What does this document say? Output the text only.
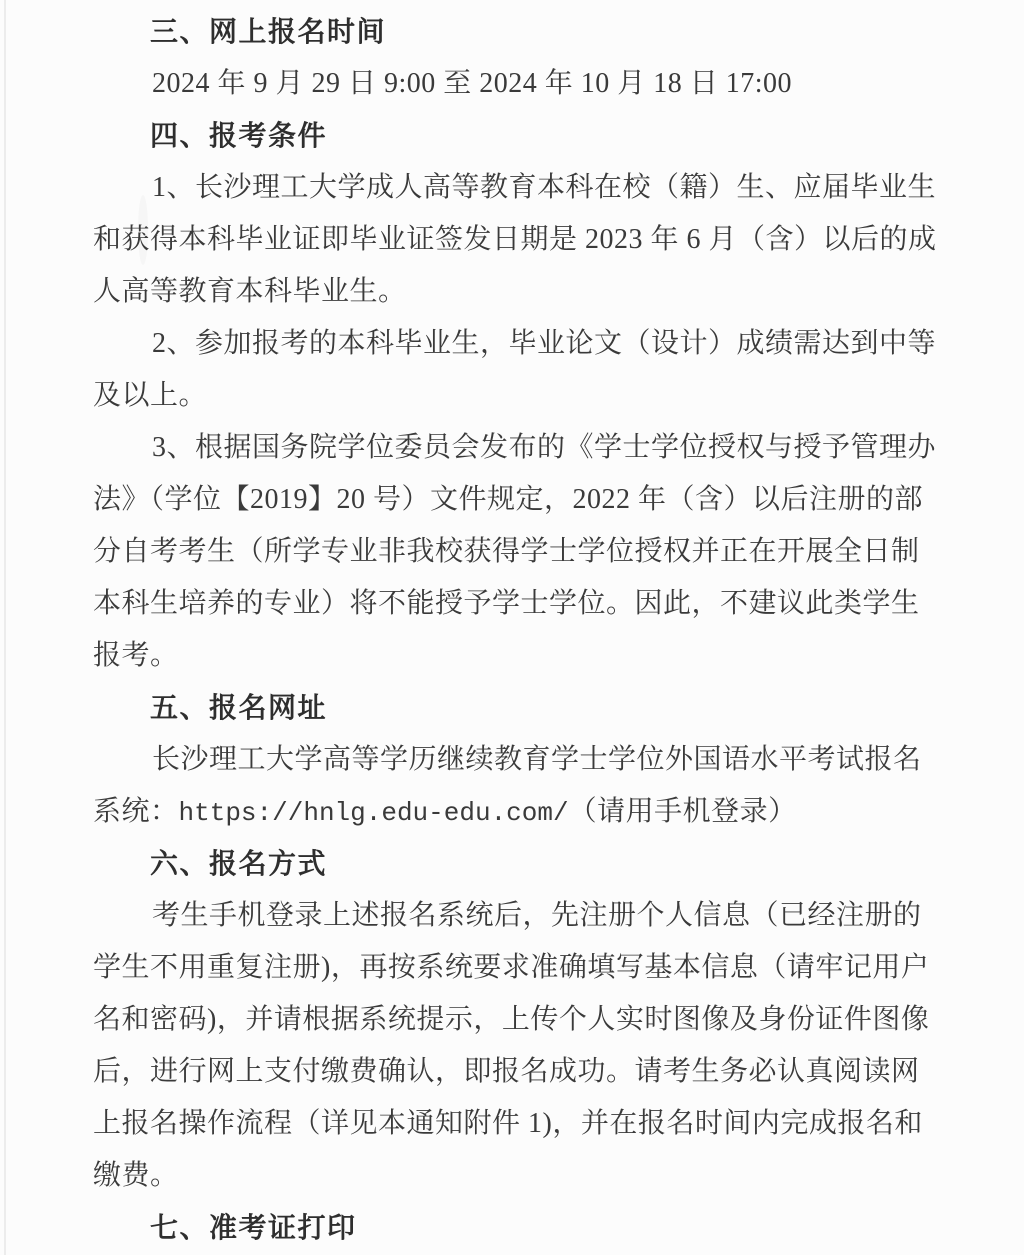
三、网上报名时间
2024 年 9 月 29 日 9:00 至 2024 年 10 月 18 日 17:00
四、报考条件
1、长沙理工大学成人高等教育本科在校（籍）生、应届毕业生
和获得本科毕业证即毕业证签发日期是 2023 年 6 月（含）以后的成
人高等教育本科毕业生。
2、参加报考的本科毕业生，毕业论文（设计）成绩需达到中等
及以上。
3、根据国务院学位委员会发布的《学士学位授权与授予管理办
法》（学位【2019】20 号）文件规定，2022 年（含）以后注册的部
分自考考生（所学专业非我校获得学士学位授权并正在开展全日制
本科生培养的专业）将不能授予学士学位。因此，不建议此类学生
报考。
五、报名网址
长沙理工大学高等学历继续教育学士学位外国语水平考试报名
系统：https://hnlg.edu-edu.com/（请用手机登录）
六、报名方式
考生手机登录上述报名系统后，先注册个人信息（已经注册的
学生不用重复注册)，再按系统要求准确填写基本信息（请牢记用户
名和密码)，并请根据系统提示，上传个人实时图像及身份证件图像
后，进行网上支付缴费确认，即报名成功。请考生务必认真阅读网
上报名操作流程（详见本通知附件 1)，并在报名时间内完成报名和
缴费。
七、准考证打印
